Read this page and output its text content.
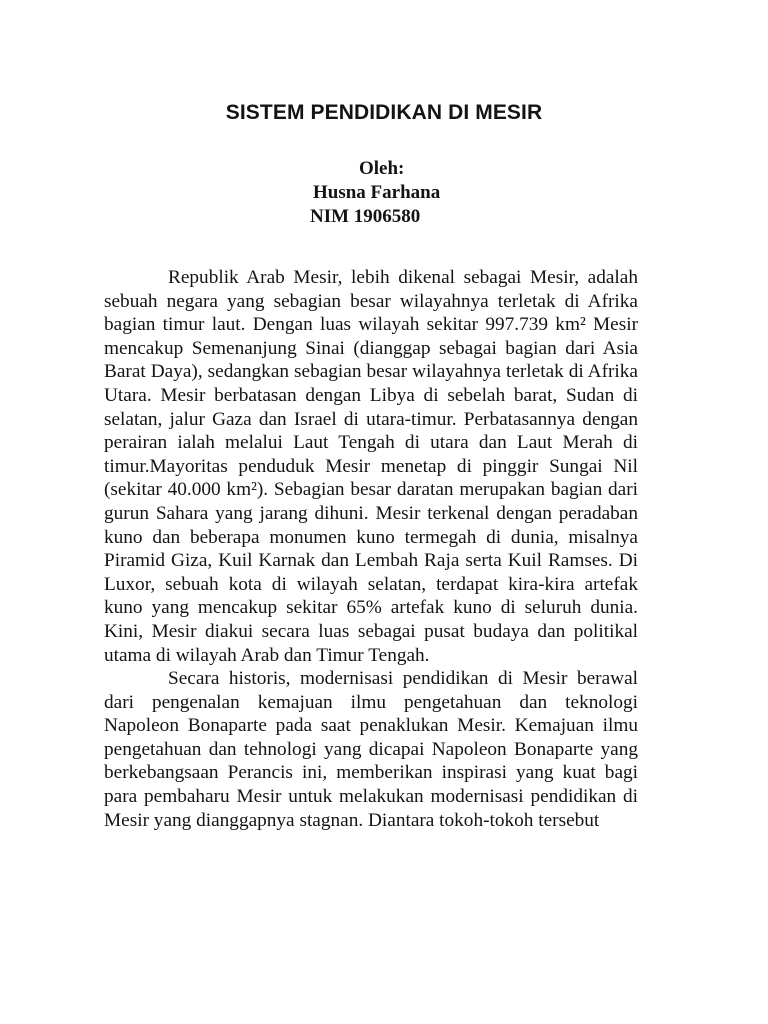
SISTEM PENDIDIKAN DI MESIR
Oleh:
Husna Farhana
NIM 1906580

Republik Arab Mesir, lebih dikenal sebagai Mesir, adalah sebuah negara yang sebagian besar wilayahnya terletak di Afrika bagian timur laut. Dengan luas wilayah sekitar 997.739 km² Mesir mencakup Semenanjung Sinai (dianggap sebagai bagian dari Asia Barat Daya), sedangkan sebagian besar wilayahnya terletak di Afrika Utara. Mesir berbatasan dengan Libya di sebelah barat, Sudan di selatan, jalur Gaza dan Israel di utara-timur. Perbatasannya dengan perairan ialah melalui Laut Tengah di utara dan Laut Merah di timur.Mayoritas penduduk Mesir menetap di pinggir Sungai Nil (sekitar 40.000 km²). Sebagian besar daratan merupakan bagian dari gurun Sahara yang jarang dihuni. Mesir terkenal dengan peradaban kuno dan beberapa monumen kuno termegah di dunia, misalnya Piramid Giza, Kuil Karnak dan Lembah Raja serta Kuil Ramses. Di Luxor, sebuah kota di wilayah selatan, terdapat kira-kira artefak kuno yang mencakup sekitar 65% artefak kuno di seluruh dunia. Kini, Mesir diakui secara luas sebagai pusat budaya dan politikal utama di wilayah Arab dan Timur Tengah.

Secara historis, modernisasi pendidikan di Mesir berawal dari pengenalan kemajuan ilmu pengetahuan dan teknologi Napoleon Bonaparte pada saat penaklukan Mesir. Kemajuan ilmu pengetahuan dan tehnologi yang dicapai Napoleon Bonaparte yang berkebangsaan Perancis ini, memberikan inspirasi yang kuat bagi para pembaharu Mesir untuk melakukan modernisasi pendidikan di Mesir yang dianggapnya stagnan. Diantara tokoh-tokoh tersebut
